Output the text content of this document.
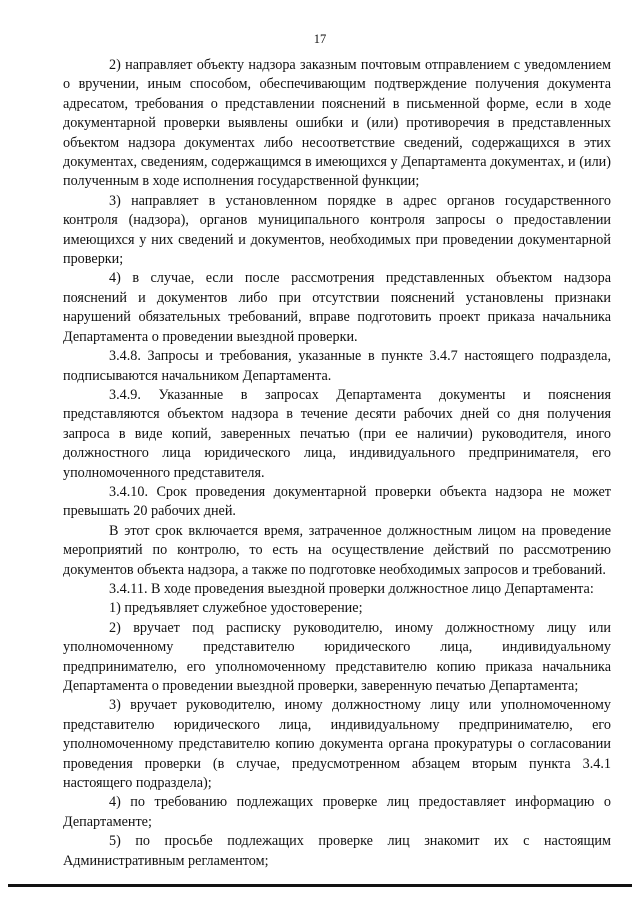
17

2) направляет объекту надзора заказным почтовым отправлением с уведомлением о вручении, иным способом, обеспечивающим подтверждение получения документа адресатом, требования о представлении пояснений в письменной форме, если в ходе документарной проверки выявлены ошибки и (или) противоречия в представленных объектом надзора документах либо несоответствие сведений, содержащихся в этих документах, сведениям, содержащимся в имеющихся у Департамента документах, и (или) полученным в ходе исполнения государственной функции;

3) направляет в установленном порядке в адрес органов государственного контроля (надзора), органов муниципального контроля запросы о предоставлении имеющихся у них сведений и документов, необходимых при проведении документарной проверки;

4) в случае, если после рассмотрения представленных объектом надзора пояснений и документов либо при отсутствии пояснений установлены признаки нарушений обязательных требований, вправе подготовить проект приказа начальника Департамента о проведении выездной проверки.

3.4.8. Запросы и требования, указанные в пункте 3.4.7 настоящего подраздела, подписываются начальником Департамента.

3.4.9. Указанные в запросах Департамента документы и пояснения представляются объектом надзора в течение десяти рабочих дней со дня получения запроса в виде копий, заверенных печатью (при ее наличии) руководителя, иного должностного лица юридического лица, индивидуального предпринимателя, его уполномоченного представителя.

3.4.10. Срок проведения документарной проверки объекта надзора не может превышать 20 рабочих дней.

В этот срок включается время, затраченное должностным лицом на проведение мероприятий по контролю, то есть на осуществление действий по рассмотрению документов объекта надзора, а также по подготовке необходимых запросов и требований.

3.4.11. В ходе проведения выездной проверки должностное лицо Департамента:

1) предъявляет служебное удостоверение;

2) вручает под расписку руководителю, иному должностному лицу или уполномоченному представителю юридического лица, индивидуальному предпринимателю, его уполномоченному представителю копию приказа начальника Департамента о проведении выездной проверки, заверенную печатью Департамента;

3) вручает руководителю, иному должностному лицу или уполномоченному представителю юридического лица, индивидуальному предпринимателю, его уполномоченному представителю копию документа органа прокуратуры о согласовании проведения проверки (в случае, предусмотренном абзацем вторым пункта 3.4.1 настоящего подраздела);

4) по требованию подлежащих проверке лиц предоставляет информацию о Департаменте;

5) по просьбе подлежащих проверке лиц знакомит их с настоящим Административным регламентом;
